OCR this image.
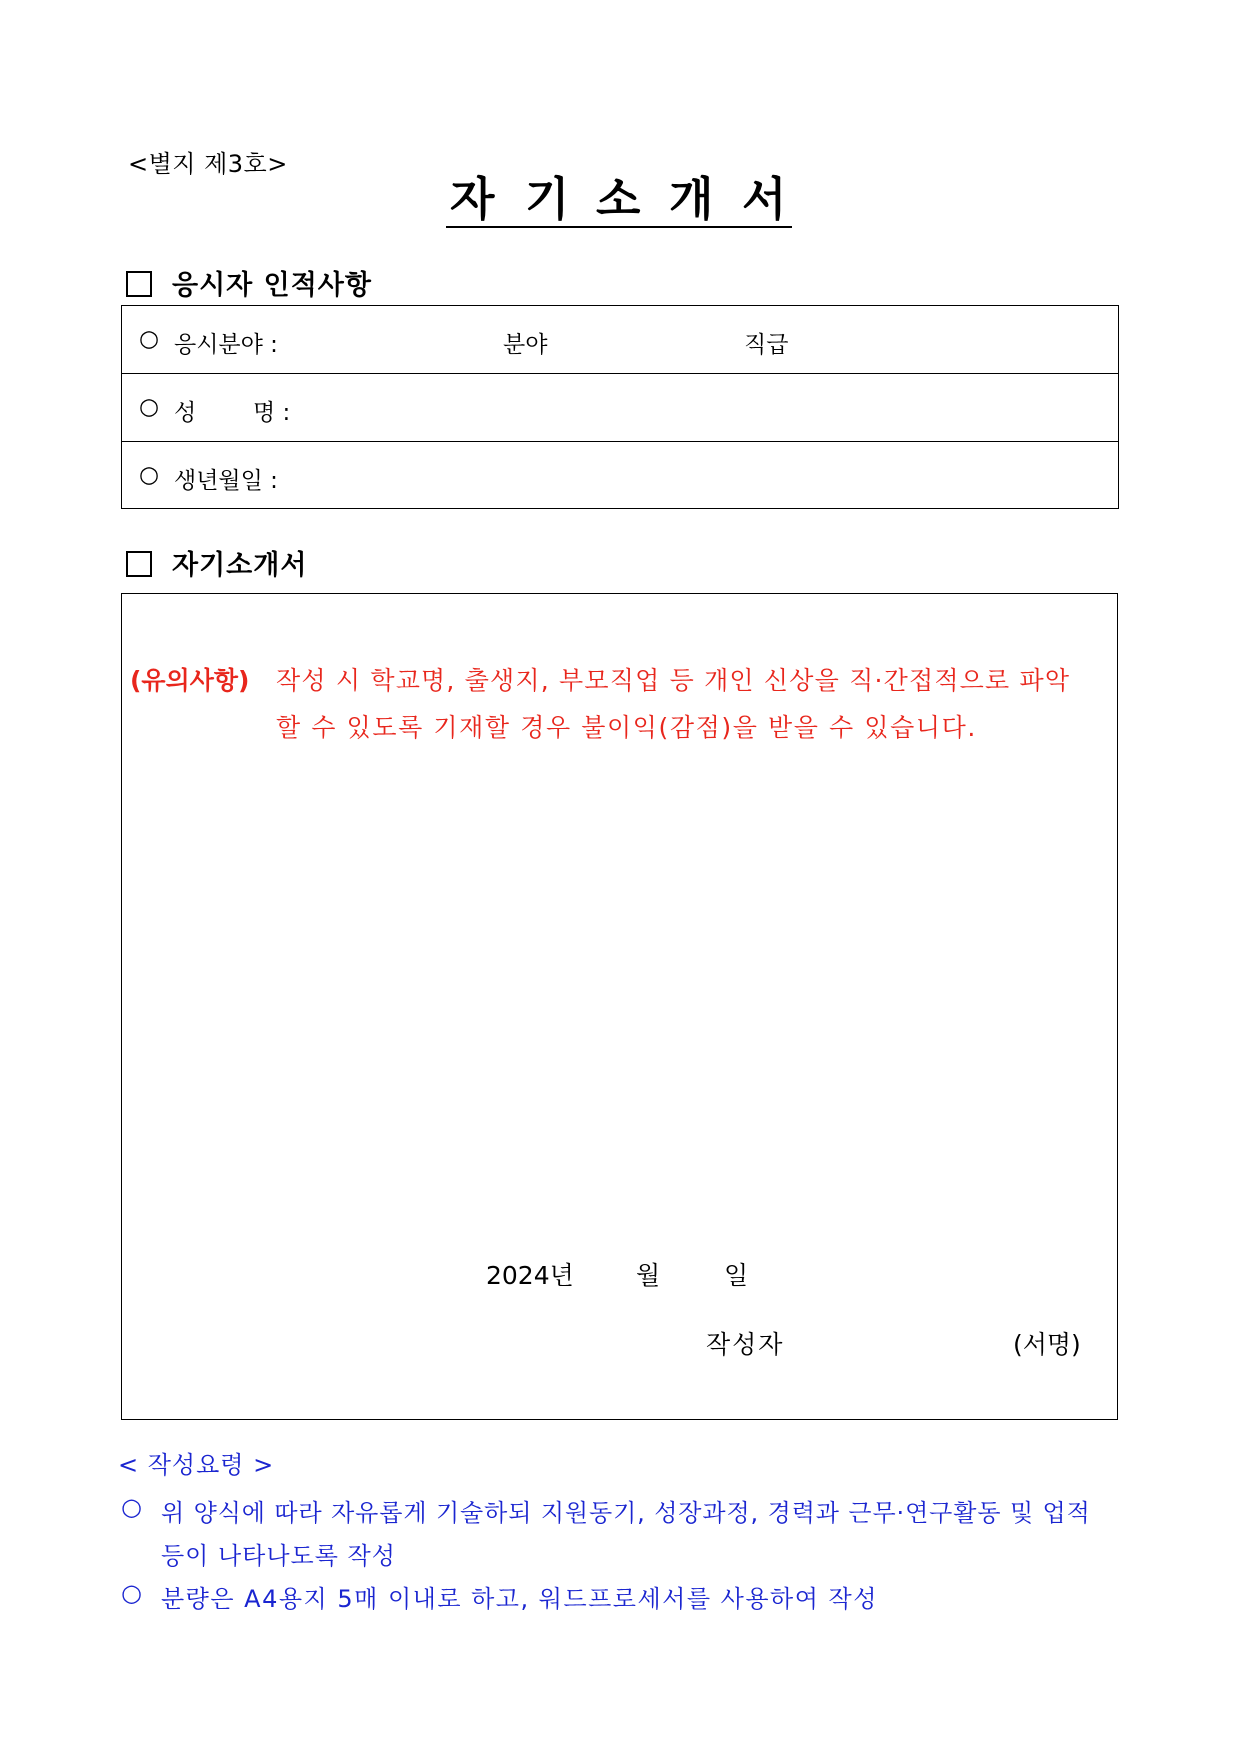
<별지 제3호>
자 기 소 개 서
응시자 인적사항
○ 응시분야 :	분야	직급
○ 성 명 :
○ 생년월일 :
자기소개서
(유의사항) 작성 시 학교명, 출생지, 부모직업 등 개인 신상을 직·간접적으로 파악
할 수 있도록 기재할 경우 불이익(감점)을 받을 수 있습니다.
2024년 월	일
작성자	(서명)
< 작성요령 >
○ 위 양식에 따라 자유롭게 기술하되 지원동기, 성장과정, 경력과 근무·연구활동 및 업적
등이 나타나도록 작성
○ 분량은 A4용지 5매 이내로 하고, 워드프로세서를 사용하여 작성
